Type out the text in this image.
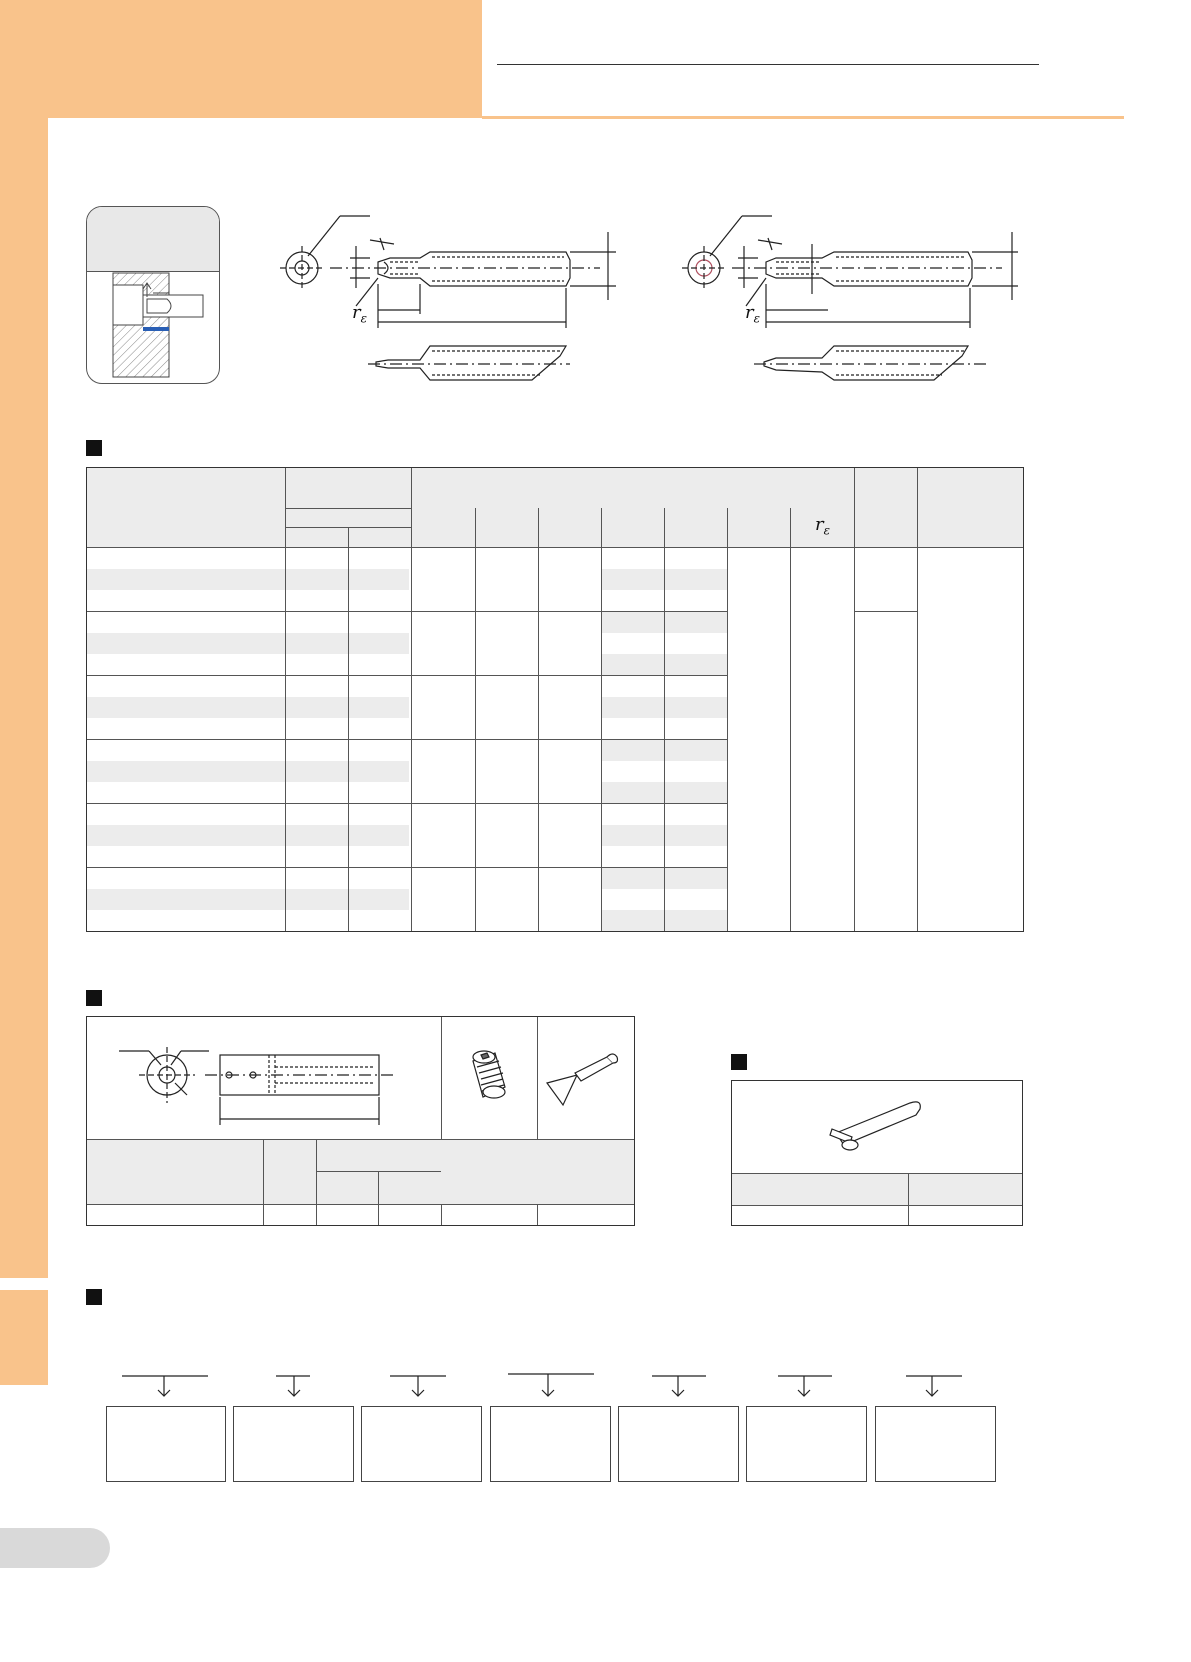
$r_\varepsilon$	$r_\varepsilon$
$r_\varepsilon$
